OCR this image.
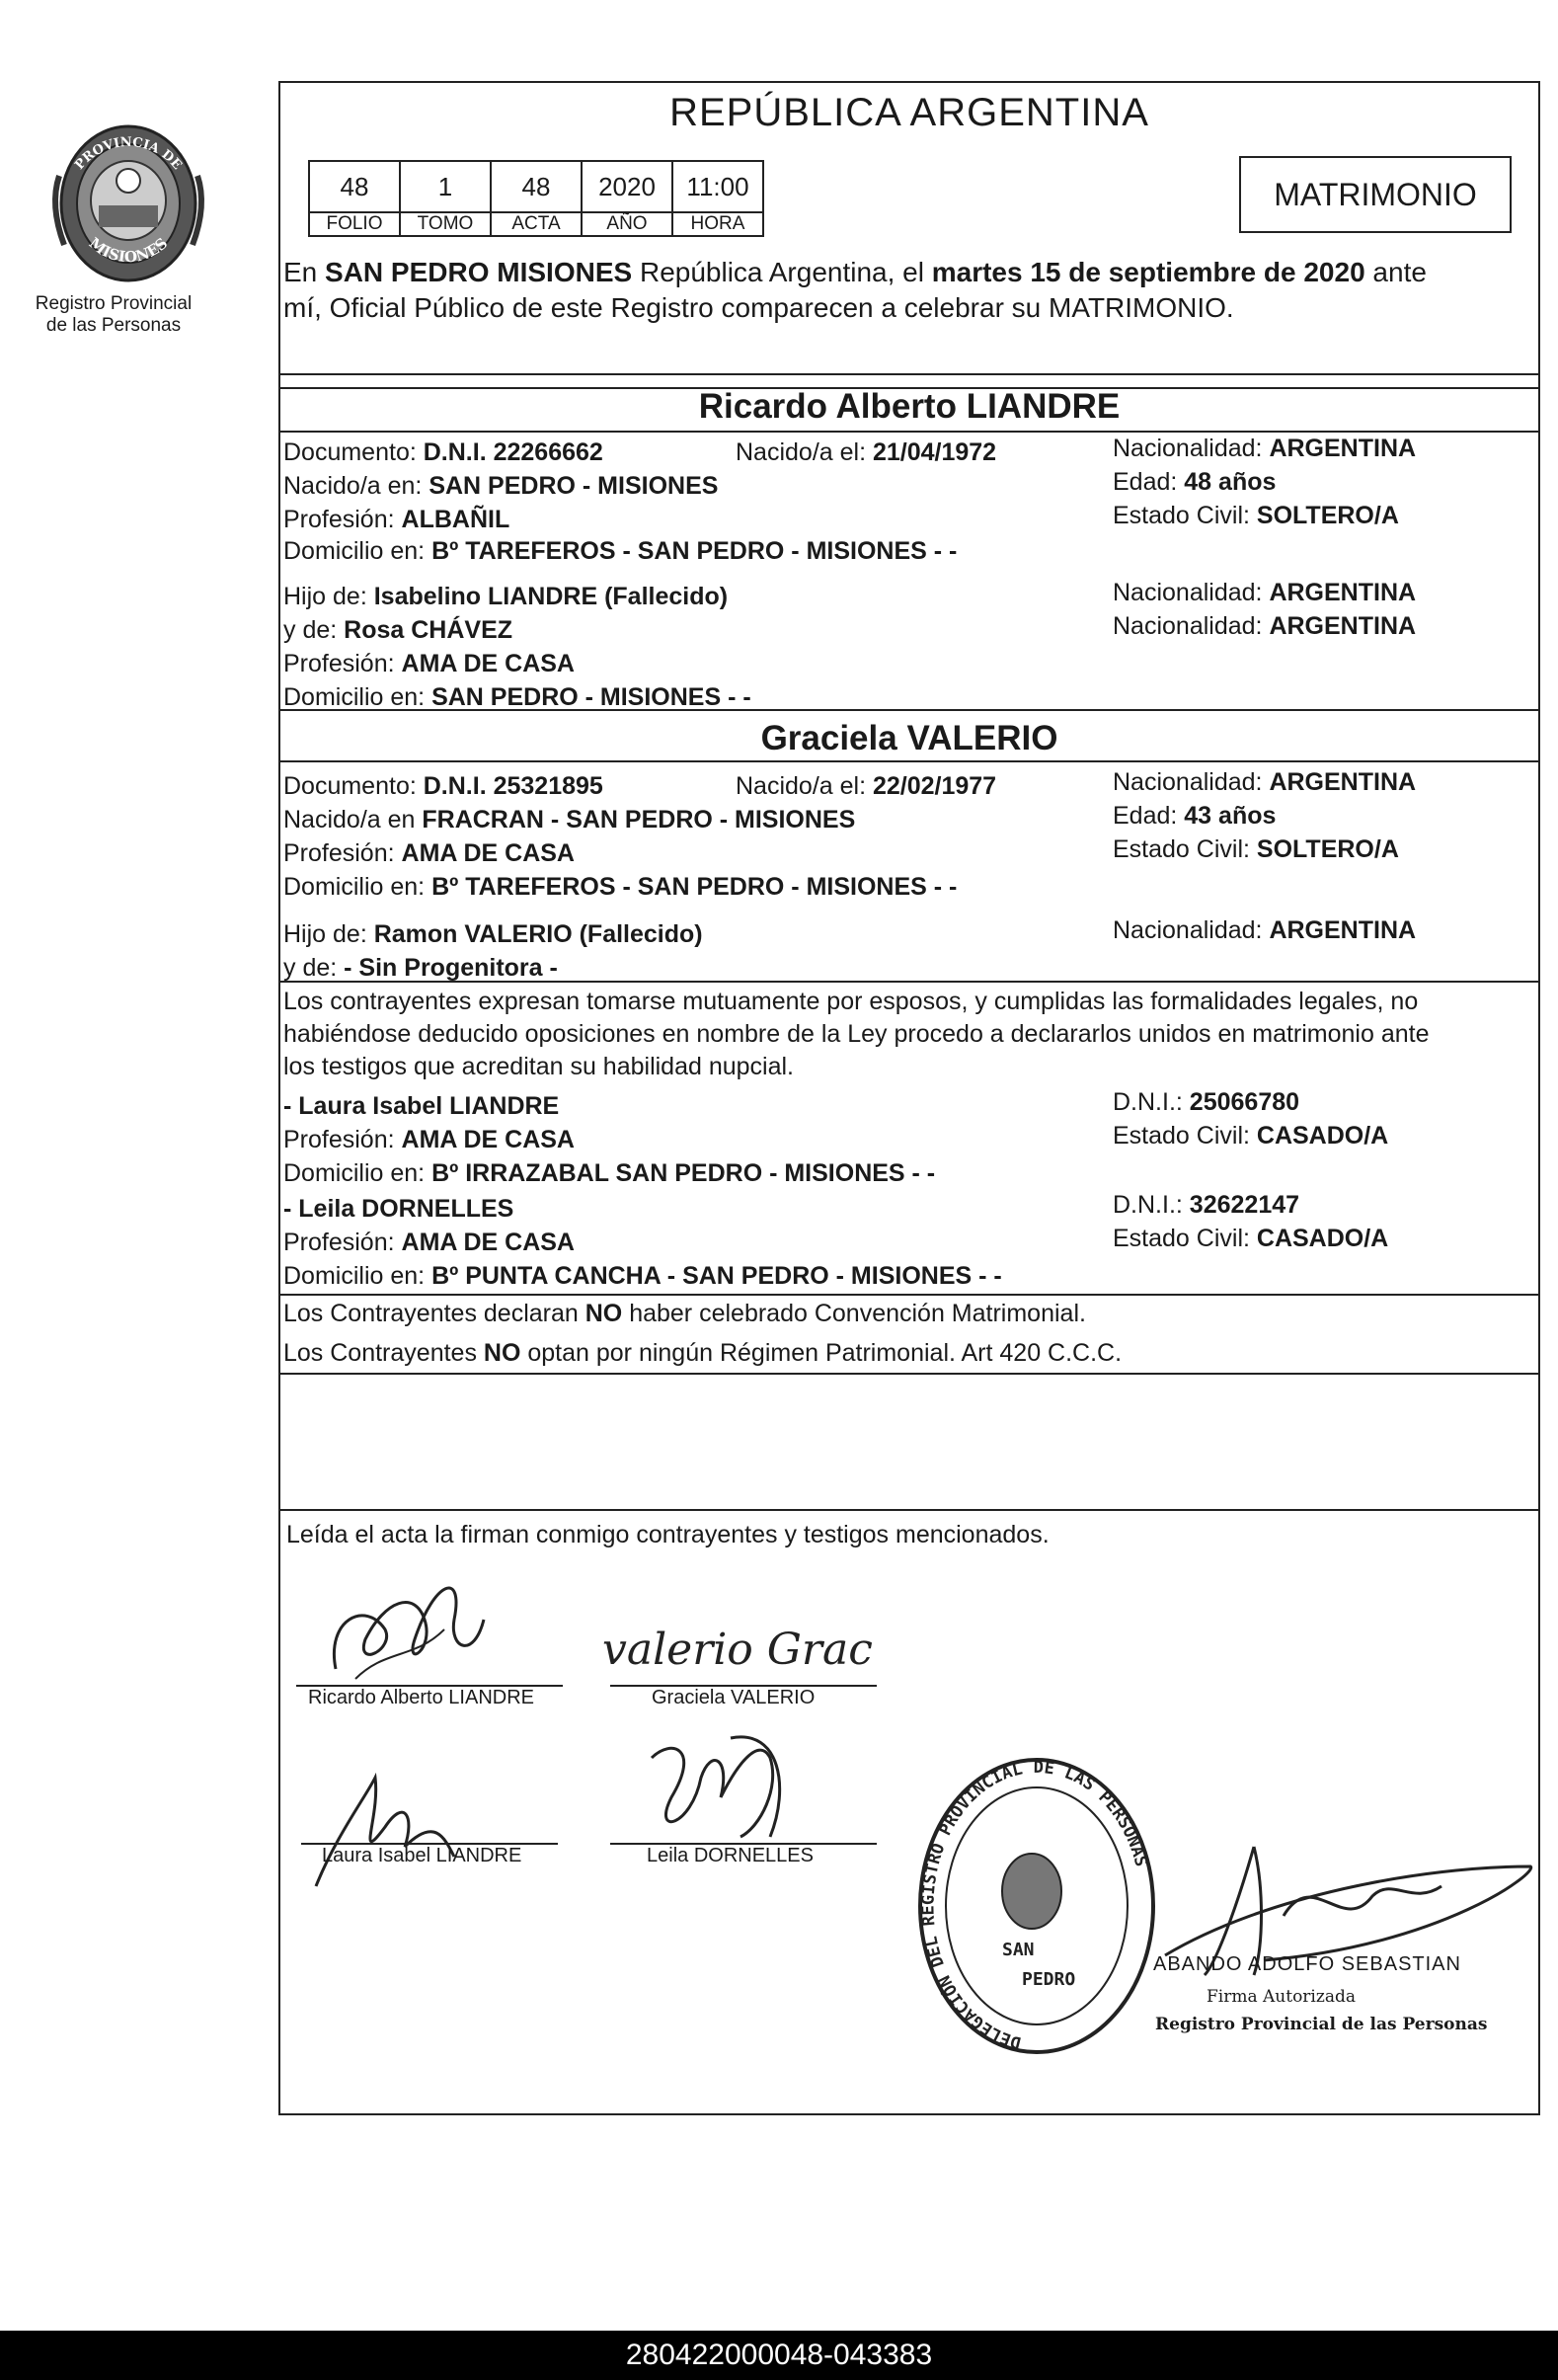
PROVINCIA DE
MISIONES
Registro Provincial
de las Personas
REPÚBLICA ARGENTINA
48	1	48	2020	11:00
FOLIO	TOMO	ACTA	AÑO	HORA
MATRIMONIO
En SAN PEDRO MISIONES República Argentina, el martes 15 de septiembre de 2020 ante
mí, Oficial Público de este Registro comparecen a celebrar su MATRIMONIO.
Ricardo Alberto LIANDRE
Documento: D.N.I. 22266662	Nacido/a el: 21/04/1972	Nacionalidad: ARGENTINA
Nacido/a en: SAN PEDRO - MISIONES	Edad: 48 años
Profesión: ALBAÑIL	Estado Civil: SOLTERO/A
Domicilio en: Bº TAREFEROS - SAN PEDRO - MISIONES - -
Hijo de: Isabelino LIANDRE (Fallecido)	Nacionalidad: ARGENTINA
y de: Rosa CHÁVEZ	Nacionalidad: ARGENTINA
Profesión: AMA DE CASA
Domicilio en: SAN PEDRO - MISIONES - -
Graciela VALERIO
Documento: D.N.I. 25321895	Nacido/a el: 22/02/1977	Nacionalidad: ARGENTINA
Nacido/a en FRACRAN - SAN PEDRO - MISIONES	Edad: 43 años
Profesión: AMA DE CASA	Estado Civil: SOLTERO/A
Domicilio en: Bº TAREFEROS - SAN PEDRO - MISIONES - -
Hijo de: Ramon VALERIO (Fallecido)	Nacionalidad: ARGENTINA
y de: - Sin Progenitora -
Los contrayentes expresan tomarse mutuamente por esposos, y cumplidas las formalidades legales, no
habiéndose deducido oposiciones en nombre de la Ley procedo a declararlos unidos en matrimonio ante
los testigos que acreditan su habilidad nupcial.
- Laura Isabel LIANDRE	D.N.I.: 25066780
Profesión: AMA DE CASA	Estado Civil: CASADO/A
Domicilio en: Bº IRRAZABAL SAN PEDRO - MISIONES - -
- Leila DORNELLES	D.N.I.: 32622147
Profesión: AMA DE CASA	Estado Civil: CASADO/A
Domicilio en: Bº PUNTA CANCHA - SAN PEDRO - MISIONES - -
Los Contrayentes declaran NO haber celebrado Convención Matrimonial.
Los Contrayentes NO optan por ningún Régimen Patrimonial. Art 420 C.C.C.
Leída el acta la firman conmigo contrayentes y testigos mencionados.
Ricardo Alberto LIANDRE
valerio Grac
Graciela VALERIO
Laura Isabel LIANDRE	Leila DORNELLES
DELEGACIÓN DEL REGISTRO PROVINCIAL DE LAS PERSONAS
SAN
PEDRO
ABANDO ADOLFO SEBASTIAN
Firma Autorizada
Registro Provincial de las Personas
280422000048-043383
